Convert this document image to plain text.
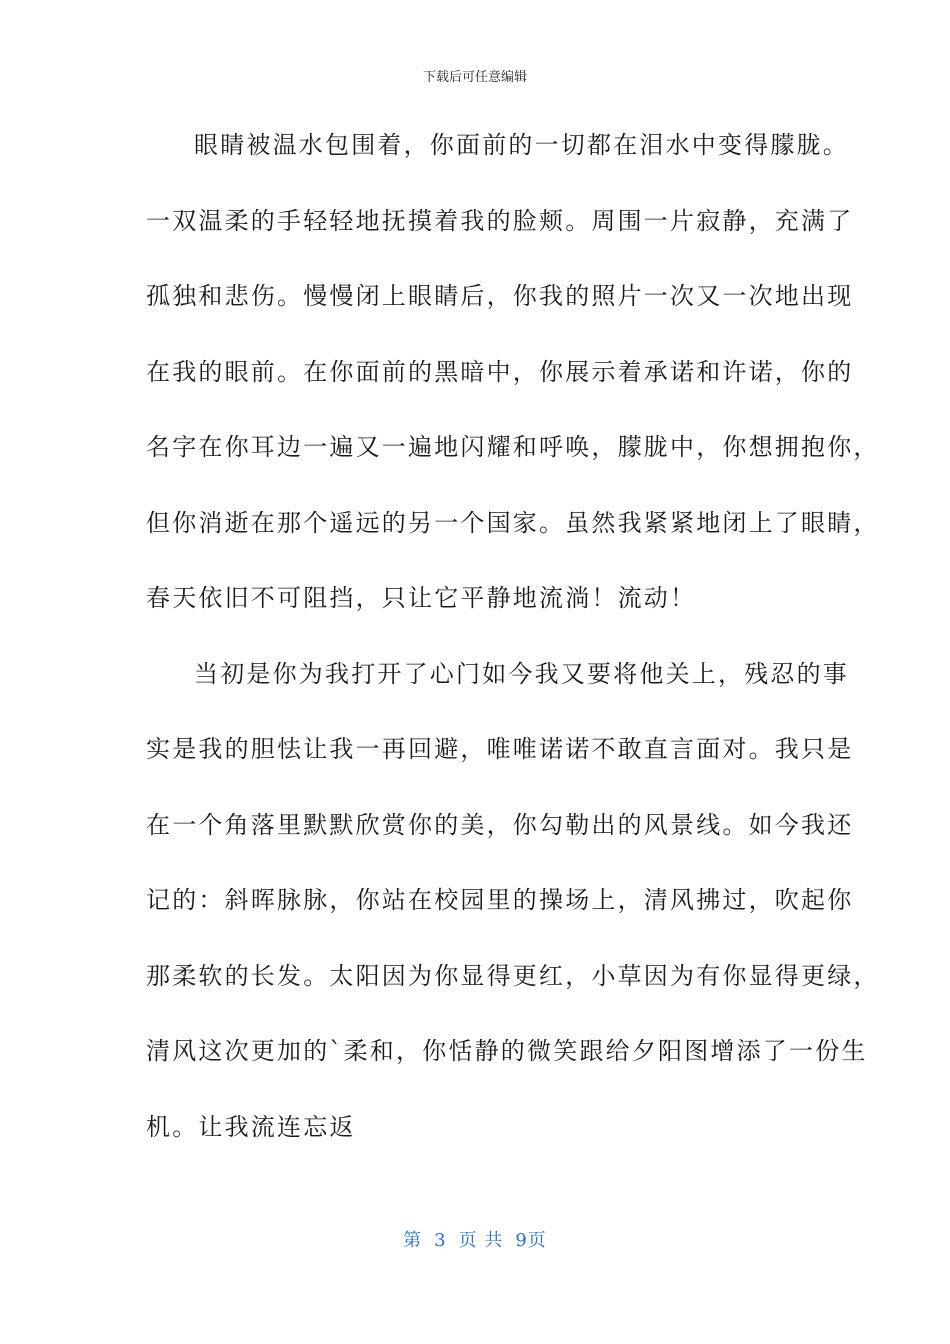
下载后可任意编辑
眼睛被温水包围着，你面前的一切都在泪水中变得朦胧。
一双温柔的手轻轻地抚摸着我的脸颊。周围一片寂静，充满了
孤独和悲伤。慢慢闭上眼睛后，你我的照片一次又一次地出现
在我的眼前。在你面前的黑暗中，你展示着承诺和许诺，你的
名字在你耳边一遍又一遍地闪耀和呼唤，朦胧中，你想拥抱你，
但你消逝在那个遥远的另一个国家。虽然我紧紧地闭上了眼睛，
春天依旧不可阻挡，只让它平静地流淌！流动！
当初是你为我打开了心门如今我又要将他关上，残忍的事
实是我的胆怯让我一再回避，唯唯诺诺不敢直言面对。我只是
在一个角落里默默欣赏你的美，你勾勒出的风景线。如今我还
记的：斜晖脉脉，你站在校园里的操场上，清风拂过，吹起你
那柔软的长发。太阳因为你显得更红，小草因为有你显得更绿，
清风这次更加的`柔和，你恬静的微笑跟给夕阳图增添了一份生
机。让我流连忘返
第 3 页 共 9页
